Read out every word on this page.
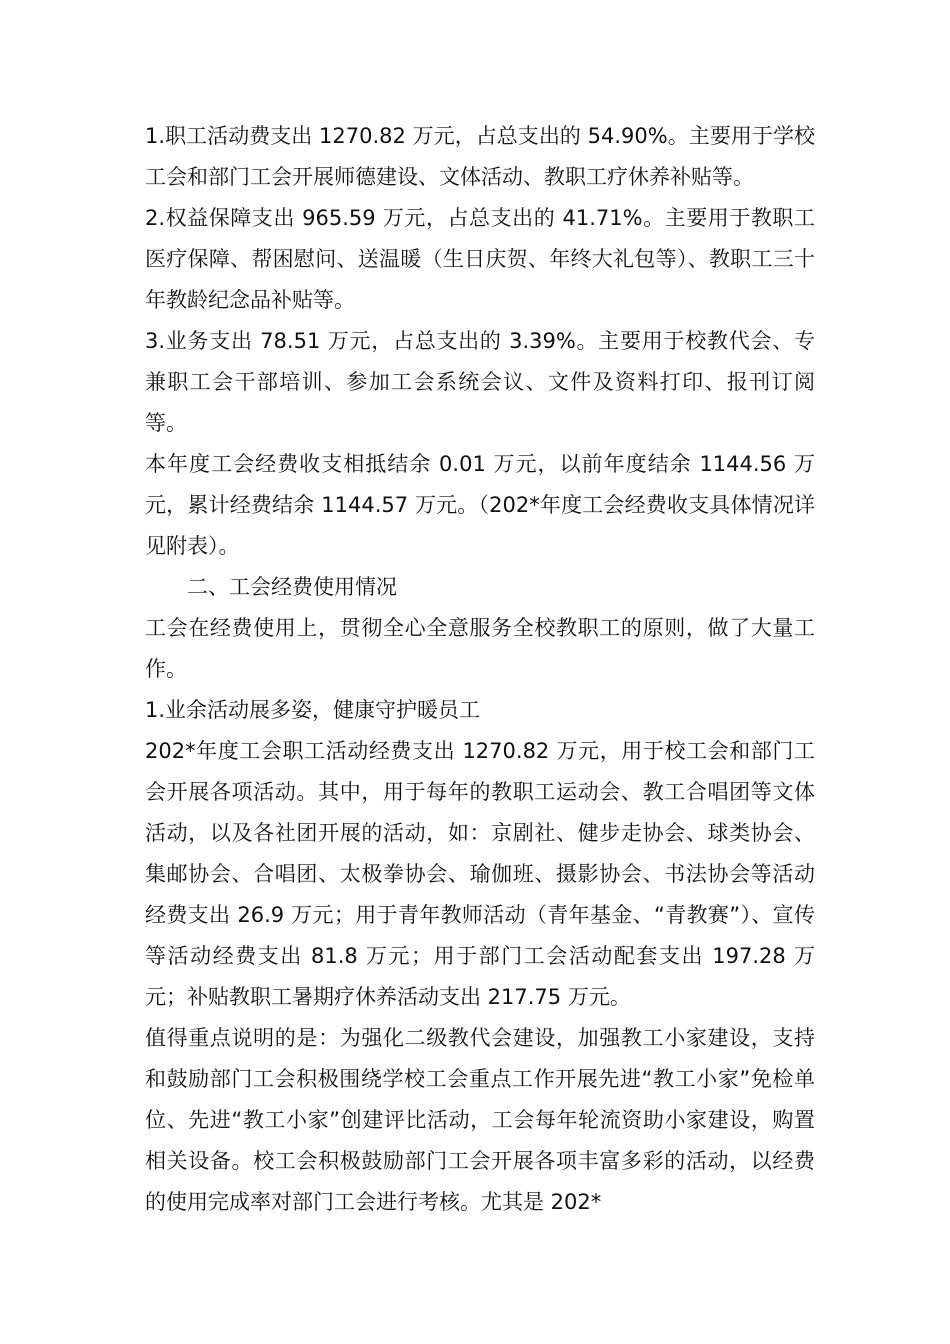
1.职工活动费支出 1270.82 万元，占总支出的 54.90%。主要用于学校工会和部门工会开展师德建设、文体活动、教职工疗休养补贴等。

2.权益保障支出 965.59 万元，占总支出的 41.71%。主要用于教职工医疗保障、帮困慰问、送温暖（生日庆贺、年终大礼包等）、教职工三十年教龄纪念品补贴等。

3.业务支出 78.51 万元，占总支出的 3.39%。主要用于校教代会、专兼职工会干部培训、参加工会系统会议、文件及资料打印、报刊订阅等。

本年度工会经费收支相抵结余 0.01 万元，以前年度结余 1144.56 万元，累计经费结余 1144.57 万元。（202*年度工会经费收支具体情况详见附表）。

二、工会经费使用情况

工会在经费使用上，贯彻全心全意服务全校教职工的原则，做了大量工作。

1.业余活动展多姿，健康守护暖员工

202*年度工会职工活动经费支出 1270.82 万元，用于校工会和部门工会开展各项活动。其中，用于每年的教职工运动会、教工合唱团等文体活动，以及各社团开展的活动，如：京剧社、健步走协会、球类协会、集邮协会、合唱团、太极拳协会、瑜伽班、摄影协会、书法协会等活动经费支出 26.9 万元；用于青年教师活动（青年基金、“青教赛”）、宣传等活动经费支出 81.8 万元；用于部门工会活动配套支出 197.28 万元；补贴教职工暑期疗休养活动支出 217.75 万元。

值得重点说明的是：为强化二级教代会建设，加强教工小家建设，支持和鼓励部门工会积极围绕学校工会重点工作开展先进“教工小家”免检单位、先进“教工小家”创建评比活动，工会每年轮流资助小家建设，购置相关设备。校工会积极鼓励部门工会开展各项丰富多彩的活动，以经费的使用完成率对部门工会进行考核。尤其是 202*
